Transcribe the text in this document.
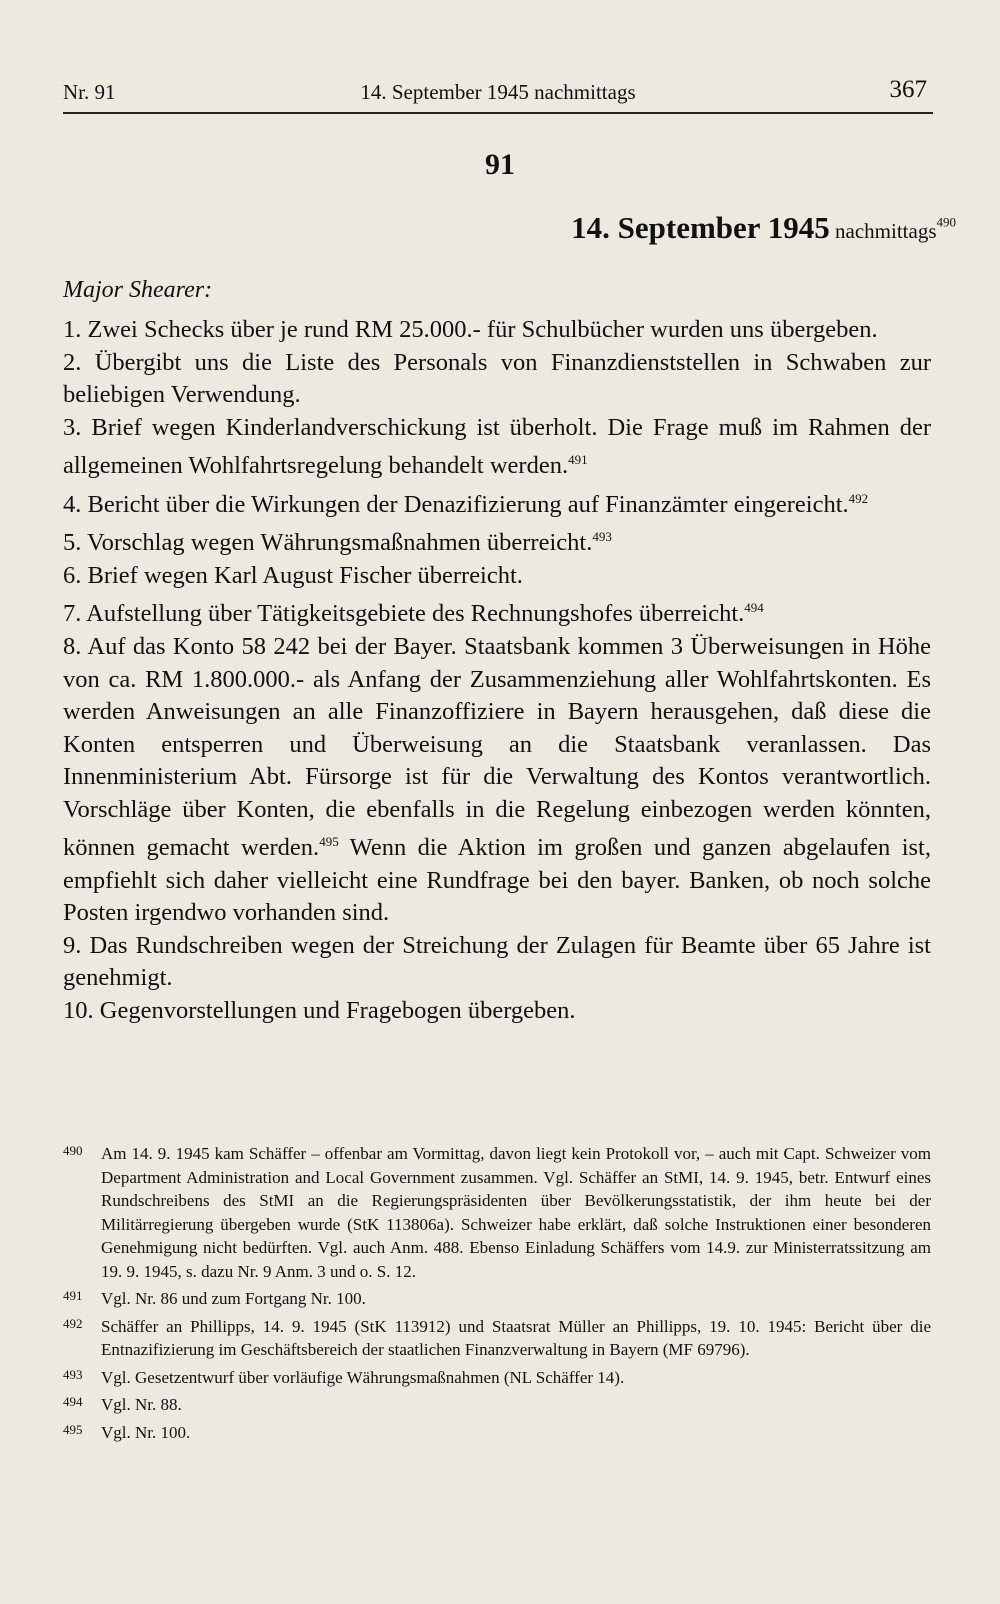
Nr. 91	14. September 1945 nachmittags	367
91
14. September 1945 nachmittags$^{490}$
Major Shearer:

1. Zwei Schecks über je rund RM 25.000.- für Schulbücher wurden uns übergeben.

2. Übergibt uns die Liste des Personals von Finanzdienststellen in Schwaben zur beliebigen Verwendung.

3. Brief wegen Kinderlandverschickung ist überholt. Die Frage muß im Rahmen der allgemeinen Wohlfahrtsregelung behandelt werden.$^{491}$

4. Bericht über die Wirkungen der Denazifizierung auf Finanzämter eingereicht.$^{492}$

5. Vorschlag wegen Währungsmaßnahmen überreicht.$^{493}$

6. Brief wegen Karl August Fischer überreicht.

7. Aufstellung über Tätigkeitsgebiete des Rechnungshofes überreicht.$^{494}$

8. Auf das Konto 58 242 bei der Bayer. Staatsbank kommen 3 Überweisungen in Höhe von ca. RM 1.800.000.- als Anfang der Zusammenziehung aller Wohlfahrtskonten. Es werden Anweisungen an alle Finanzoffiziere in Bayern herausgehen, daß diese die Konten entsperren und Überweisung an die Staatsbank veranlassen. Das Innenministerium Abt. Fürsorge ist für die Verwaltung des Kontos verantwortlich. Vorschläge über Konten, die ebenfalls in die Regelung einbezogen werden könnten, können gemacht werden.$^{495}$ Wenn die Aktion im großen und ganzen abgelaufen ist, empfiehlt sich daher vielleicht eine Rundfrage bei den bayer. Banken, ob noch solche Posten irgendwo vorhanden sind.

9. Das Rundschreiben wegen der Streichung der Zulagen für Beamte über 65 Jahre ist genehmigt.

10. Gegenvorstellungen und Fragebogen übergeben.

490 Am 14. 9. 1945 kam Schäffer – offenbar am Vormittag, davon liegt kein Protokoll vor, – auch mit Capt. Schweizer vom Department Administration and Local Government zusammen. Vgl. Schäffer an StMI, 14. 9. 1945, betr. Entwurf eines Rundschreibens des StMI an die Regierungspräsidenten über Bevölkerungsstatistik, der ihm heute bei der Militärregierung übergeben wurde (StK 113806a). Schweizer habe erklärt, daß solche Instruktionen einer besonderen Genehmigung nicht bedürften. Vgl. auch Anm. 488. Ebenso Einladung Schäffers vom 14.9. zur Ministerratssitzung am 19. 9. 1945, s. dazu Nr. 9 Anm. 3 und o. S. 12.

491 Vgl. Nr. 86 und zum Fortgang Nr. 100.

492 Schäffer an Phillipps, 14. 9. 1945 (StK 113912) und Staatsrat Müller an Phillipps, 19. 10. 1945: Bericht über die Entnazifizierung im Geschäftsbereich der staatlichen Finanzverwaltung in Bayern (MF 69796).

493 Vgl. Gesetzentwurf über vorläufige Währungsmaßnahmen (NL Schäffer 14).

494 Vgl. Nr. 88.

495 Vgl. Nr. 100.
